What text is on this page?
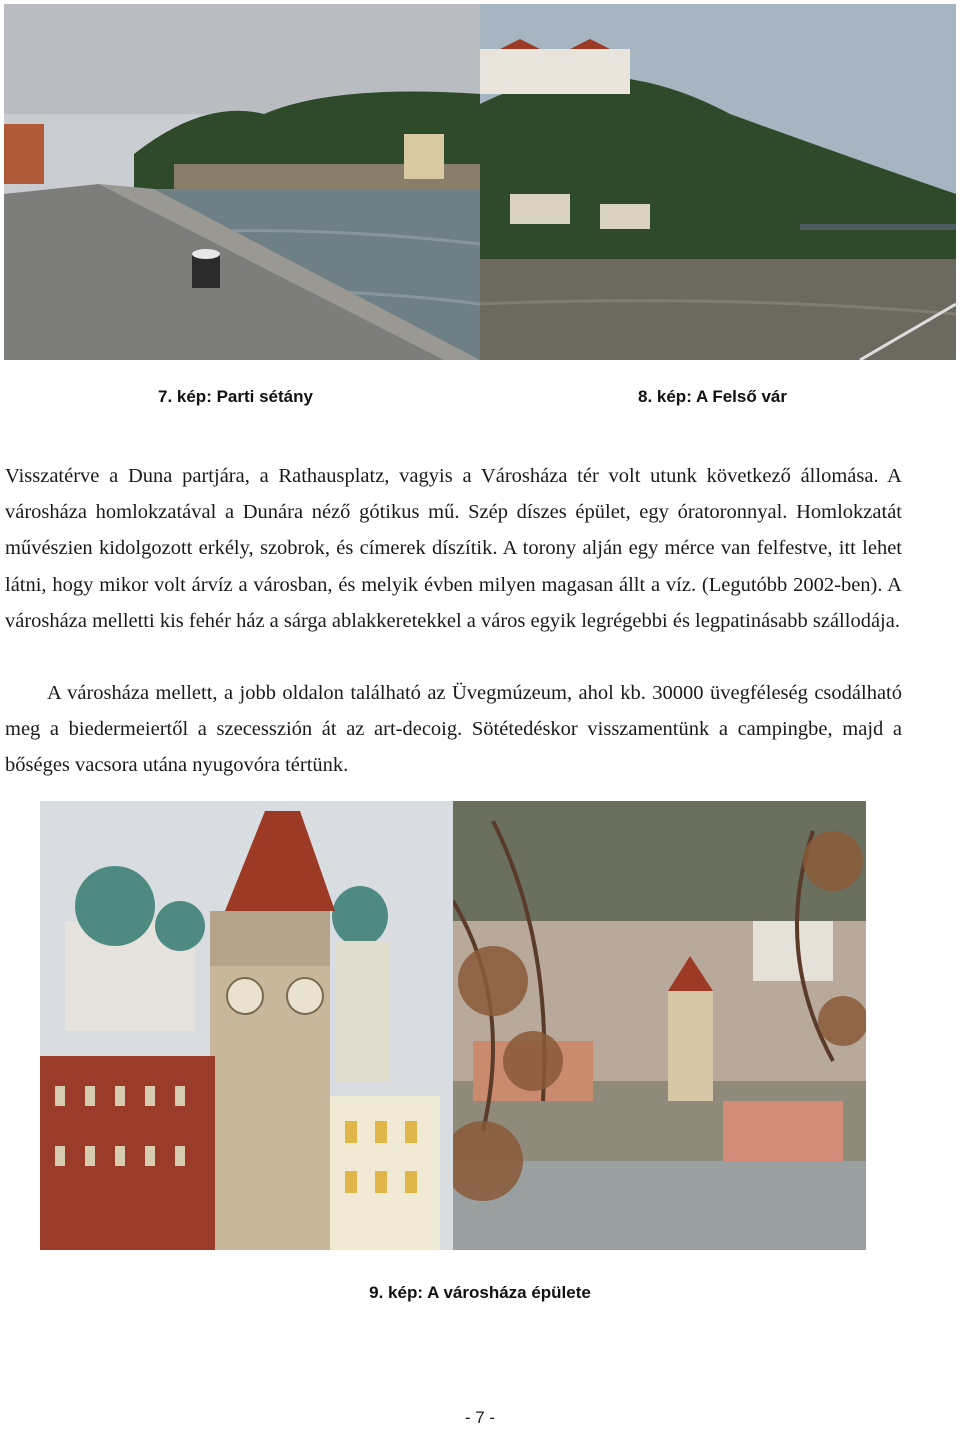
7. kép: Parti sétány	8. kép: A Felső vár

Visszatérve a Duna partjára, a Rathausplatz, vagyis a Városháza tér volt utunk következő állomása. A városháza homlokzatával a Dunára néző gótikus mű. Szép díszes épület, egy óratoronnyal. Homlokzatát művészien kidolgozott erkély, szobrok, és címerek díszítik. A torony alján egy mérce van felfestve, itt lehet látni, hogy mikor volt árvíz a városban, és melyik évben milyen magasan állt a víz. (Legutóbb 2002-ben). A városháza melletti kis fehér ház a sárga ablakkeretekkel a város egyik legrégebbi és legpatinásabb szállodája.

A városháza mellett, a jobb oldalon található az Üvegmúzeum, ahol kb. 30000 üvegféleség csodálható meg a biedermeiertől a szecesszión át az art-decoig. Sötétedéskor visszamentünk a campingbe, majd a bőséges vacsora utána nyugovóra tértünk.

9. kép: A városháza épülete
- 7 -
